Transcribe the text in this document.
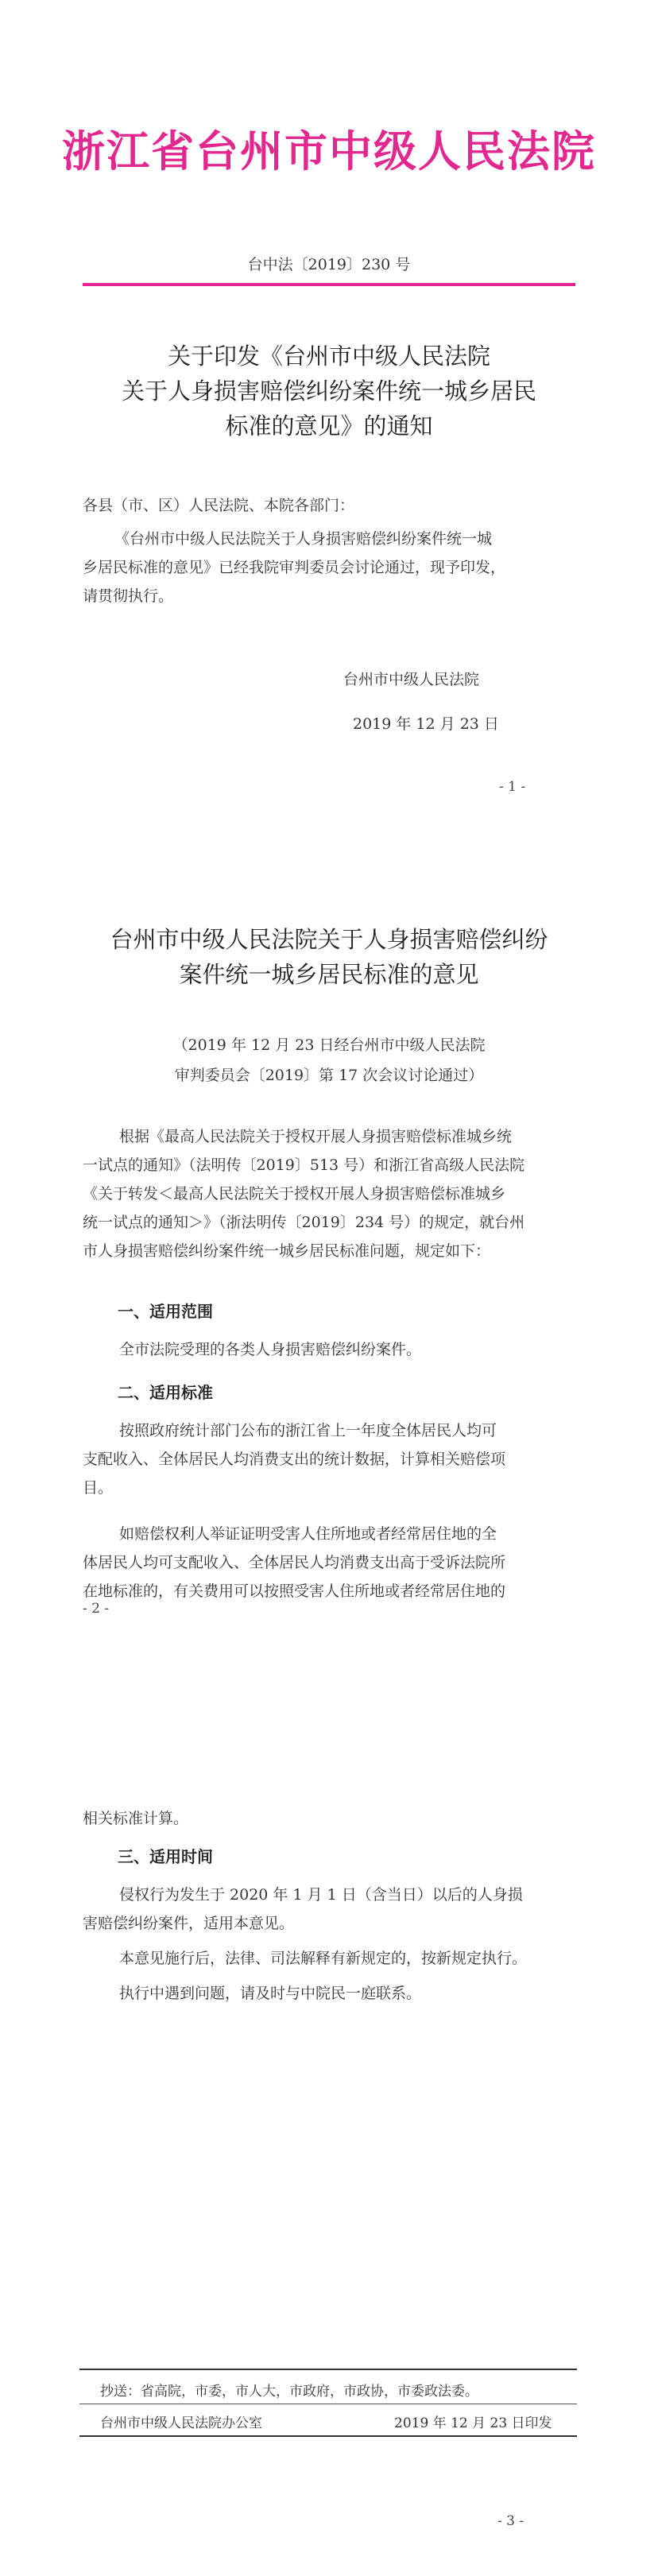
浙江省台州市中级人民法院
台中法〔2019〕230 号
关于印发《台州市中级人民法院
关于人身损害赔偿纠纷案件统一城乡居民
标准的意见》的通知
各县（市、区）人民法院、本院各部门：
《台州市中级人民法院关于人身损害赔偿纠纷案件统一城
乡居民标准的意见》已经我院审判委员会讨论通过，现予印发，
请贯彻执行。
台州市中级人民法院
2019 年 12 月 23 日
- 1 -
台州市中级人民法院关于人身损害赔偿纠纷
案件统一城乡居民标准的意见
（2019 年 12 月 23 日经台州市中级人民法院
审判委员会〔2019〕第 17 次会议讨论通过）
根据《最高人民法院关于授权开展人身损害赔偿标准城乡统
一试点的通知》（法明传〔2019〕513 号）和浙江省高级人民法院
《关于转发＜最高人民法院关于授权开展人身损害赔偿标准城乡
统一试点的通知＞》（浙法明传〔2019〕234 号）的规定，就台州
市人身损害赔偿纠纷案件统一城乡居民标准问题，规定如下：
一、适用范围
全市法院受理的各类人身损害赔偿纠纷案件。
二、适用标准
按照政府统计部门公布的浙江省上一年度全体居民人均可
支配收入、全体居民人均消费支出的统计数据，计算相关赔偿项
目。
如赔偿权利人举证证明受害人住所地或者经常居住地的全
体居民人均可支配收入、全体居民人均消费支出高于受诉法院所
在地标准的，有关费用可以按照受害人住所地或者经常居住地的
- 2 -
相关标准计算。
三、适用时间
侵权行为发生于 2020 年 1 月 1 日（含当日）以后的人身损
害赔偿纠纷案件，适用本意见。
本意见施行后，法律、司法解释有新规定的，按新规定执行。
执行中遇到问题，请及时与中院民一庭联系。
抄送：省高院，市委，市人大，市政府，市政协，市委政法委。
台州市中级人民法院办公室	2019 年 12 月 23 日印发
- 3 -
